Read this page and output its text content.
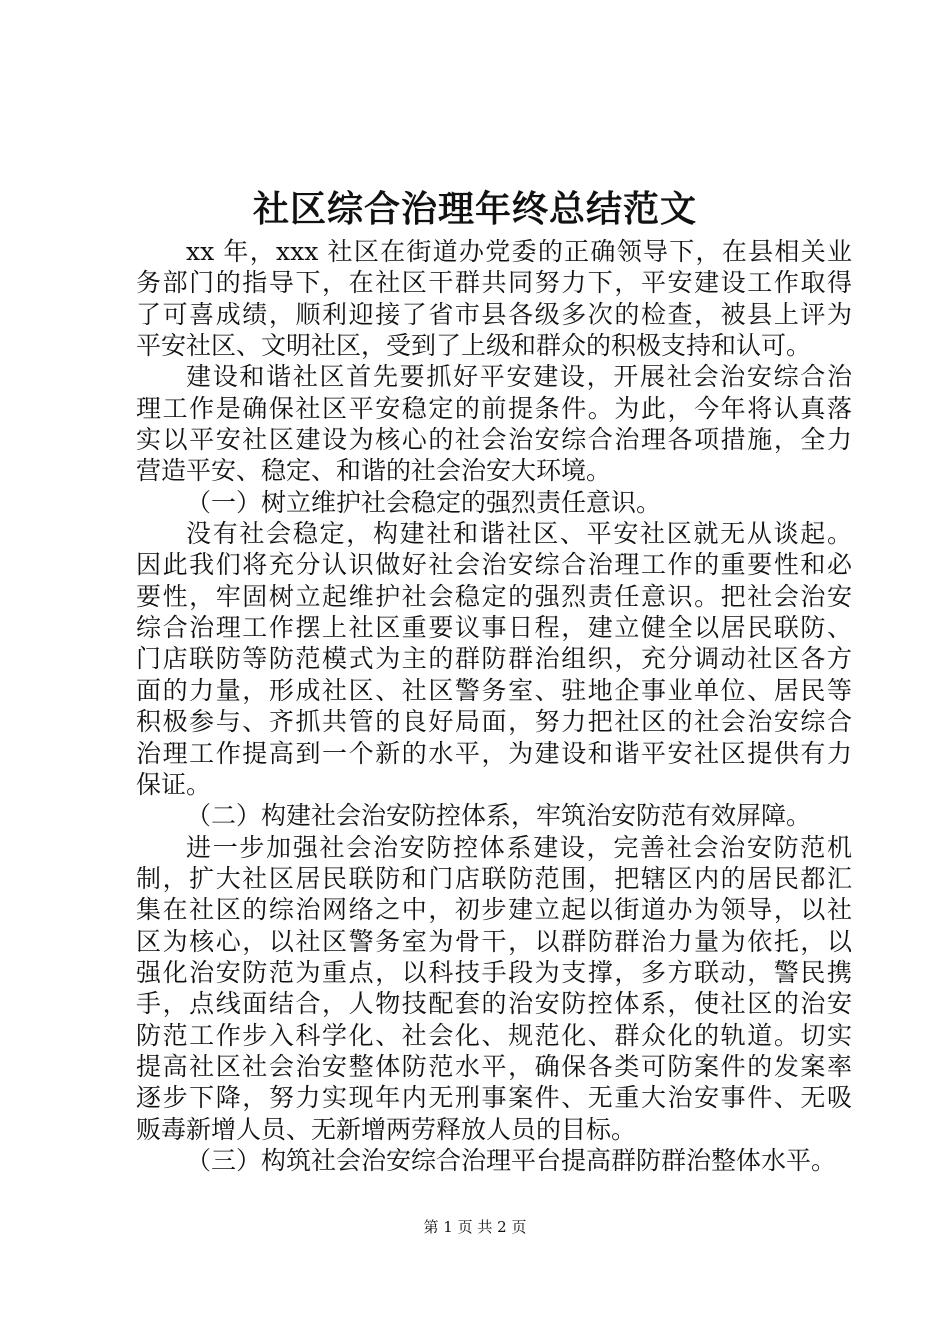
社区综合治理年终总结范文
xx 年，xxx 社区在街道办党委的正确领导下，在县相关业
务部门的指导下，在社区干群共同努力下，平安建设工作取得
了可喜成绩，顺利迎接了省市县各级多次的检查，被县上评为
平安社区、文明社区，受到了上级和群众的积极支持和认可。
建设和谐社区首先要抓好平安建设，开展社会治安综合治
理工作是确保社区平安稳定的前提条件。为此，今年将认真落
实以平安社区建设为核心的社会治安综合治理各项措施，全力
营造平安、稳定、和谐的社会治安大环境。
（一）树立维护社会稳定的强烈责任意识。
没有社会稳定，构建社和谐社区、平安社区就无从谈起。
因此我们将充分认识做好社会治安综合治理工作的重要性和必
要性，牢固树立起维护社会稳定的强烈责任意识。把社会治安
综合治理工作摆上社区重要议事日程，建立健全以居民联防、
门店联防等防范模式为主的群防群治组织，充分调动社区各方
面的力量，形成社区、社区警务室、驻地企事业单位、居民等
积极参与、齐抓共管的良好局面，努力把社区的社会治安综合
治理工作提高到一个新的水平，为建设和谐平安社区提供有力
保证。
（二）构建社会治安防控体系，牢筑治安防范有效屏障。
进一步加强社会治安防控体系建设，完善社会治安防范机
制，扩大社区居民联防和门店联防范围，把辖区内的居民都汇
集在社区的综治网络之中，初步建立起以街道办为领导，以社
区为核心，以社区警务室为骨干，以群防群治力量为依托，以
强化治安防范为重点，以科技手段为支撑，多方联动，警民携
手，点线面结合，人物技配套的治安防控体系，使社区的治安
防范工作步入科学化、社会化、规范化、群众化的轨道。切实
提高社区社会治安整体防范水平，确保各类可防案件的发案率
逐步下降，努力实现年内无刑事案件、无重大治安事件、无吸
贩毒新增人员、无新增两劳释放人员的目标。
（三）构筑社会治安综合治理平台提高群防群治整体水平。
第 1 页 共 2 页
